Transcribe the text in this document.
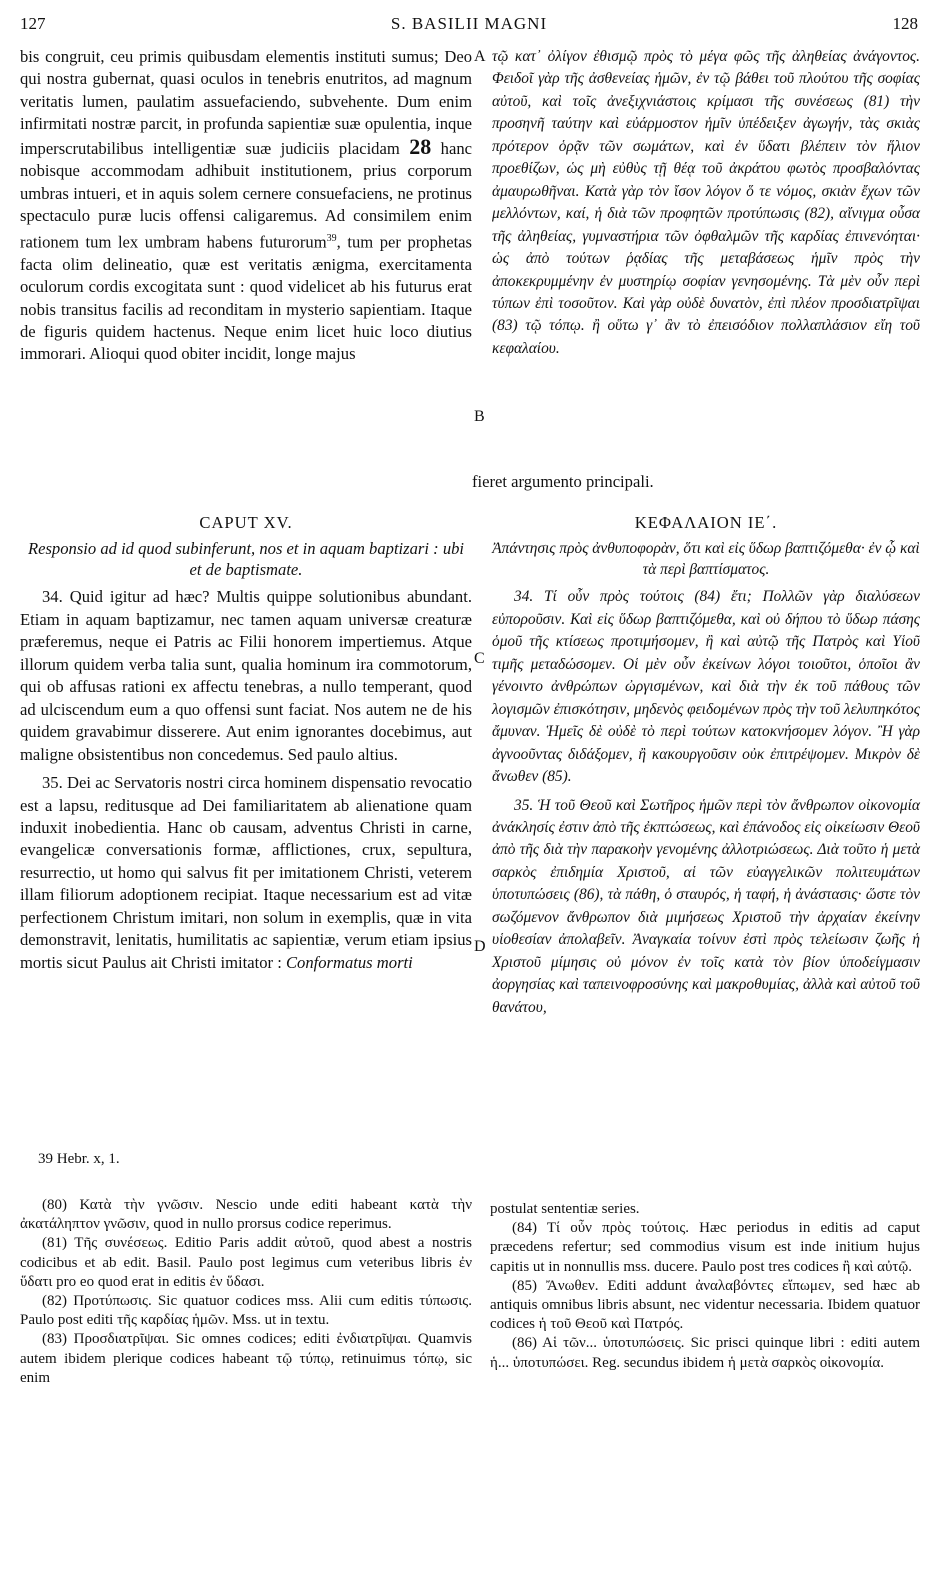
127	S. BASILII MAGNI	128

bis congruit, ceu primis quibusdam elementis instituti sumus; Deo qui nostra gubernat, quasi oculos in tenebris enutritos, ad magnum veritatis lumen, paulatim assuefaciendo, subvehente. Dum enim infirmitati nostræ parcit, in profunda sapientiæ suæ opulentia, inque imperscrutabilibus intelligentiæ suæ judiciis placidam 28 hanc nobisque accommodam adhibuit institutionem, prius corporum umbras intueri, et in aquis solem cernere consuefaciens, ne protinus spectaculo puræ lucis offensi caligaremus. Ad consimilem enim rationem tum lex umbram habens futurorum$^{39}$, tum per prophetas facta olim delineatio, quæ est veritatis ænigma, exercitamenta oculorum cordis excogitata sunt : quod videlicet ab his futurus erat nobis transitus facilis ad reconditam in mysterio sapientiam. Itaque de figuris quidem hactenus. Neque enim licet huic loco diutius immorari. Alioqui quod obiter incidit, longe majus

τῷ κατ᾿ ὀλίγον ἐθισμῷ πρὸς τὸ μέγα φῶς τῆς ἀληθείας ἀνάγοντος. Φειδοῖ γὰρ τῆς ἀσθενείας ἡμῶν, ἐν τῷ βάθει τοῦ πλούτου τῆς σοφίας αὐτοῦ, καὶ τοῖς ἀνεξιχνιάστοις κρίμασι τῆς συνέσεως (81) τὴν προσηνῆ ταύτην καὶ εὐάρμοστον ἡμῖν ὑπέδειξεν ἀγωγήν, τὰς σκιὰς πρότερον ὁρᾷν τῶν σωμάτων, καὶ ἐν ὕδατι βλέπειν τὸν ἥλιον προεθίζων, ὡς μὴ εὐθὺς τῇ θέᾳ τοῦ ἀκράτου φωτὸς προσβαλόντας ἀμαυρωθῆναι. Κατὰ γὰρ τὸν ἴσον λόγον ὅ τε νόμος, σκιὰν ἔχων τῶν μελλόντων, καί, ἡ διὰ τῶν προφητῶν προτύπωσις (82), αἴνιγμα οὖσα τῆς ἀληθείας, γυμναστήρια τῶν ὀφθαλμῶν τῆς καρδίας ἐπινενόηται· ὡς ἀπὸ τούτων ῥᾳδίας τῆς μεταβάσεως ἡμῖν πρὸς τὴν ἀποκεκρυμμένην ἐν μυστηρίῳ σοφίαν γενησομένης. Τὰ μὲν οὖν περὶ τύπων ἐπὶ τοσοῦτον. Καὶ γὰρ οὐδὲ δυνατὸν, ἐπὶ πλέον προσδιατρῖψαι (83) τῷ τόπῳ. ἢ οὕτω γ᾿ ἂν τὸ ἐπεισόδιον πολλαπλάσιον εἴη τοῦ κεφαλαίου.

A
B
C
D
fieret argumento principali.

CAPUT XV.

Responsio ad id quod subinferunt, nos et in aquam baptizari : ubi et de baptismate.

34. Quid igitur ad hæc? Multis quippe solutionibus abundant. Etiam in aquam baptizamur, nec tamen aquam universæ creaturæ præferemus, neque ei Patris ac Filii honorem impertiemus. Atque illorum quidem verba talia sunt, qualia hominum ira commotorum, qui ob affusas rationi ex affectu tenebras, a nullo temperant, quod ad ulciscendum eum a quo offensi sunt faciat. Nos autem ne de his quidem gravabimur disserere. Aut enim ignorantes docebimus, aut maligne obsistentibus non concedemus. Sed paulo altius.

35. Dei ac Servatoris nostri circa hominem dispensatio revocatio est a lapsu, reditusque ad Dei familiaritatem ab alienatione quam induxit inobedientia. Hanc ob causam, adventus Christi in carne, evangelicæ conversationis formæ, afflictiones, crux, sepultura, resurrectio, ut homo qui salvus fit per imitationem Christi, veterem illam filiorum adoptionem recipiat. Itaque necessarium est ad vitæ perfectionem Christum imitari, non solum in exemplis, quæ in vita demonstravit, lenitatis, humilitatis ac sapientiæ, verum etiam ipsius mortis sicut Paulus ait Christi imitator : Conformatus morti

ΚΕΦΑΛΑΙΟΝ ΙΕ΄.

Ἀπάντησις πρὸς ἀνθυποφορὰν, ὅτι καὶ εἰς ὕδωρ βαπτιζόμεθα· ἐν ᾧ καὶ τὰ περὶ βαπτίσματος.

34. Τί οὖν πρὸς τούτοις (84) ἔτι; Πολλῶν γὰρ διαλύσεων εὐποροῦσιν. Καὶ εἰς ὕδωρ βαπτιζόμεθα, καὶ οὐ δήπου τὸ ὕδωρ πάσης ὁμοῦ τῆς κτίσεως προτιμήσομεν, ἢ καὶ αὐτῷ τῆς Πατρὸς καὶ Υἱοῦ τιμῆς μεταδώσομεν. Οἱ μὲν οὖν ἐκείνων λόγοι τοιοῦτοι, ὁποῖοι ἂν γένοιντο ἀνθρώπων ὠργισμένων, καὶ διὰ τὴν ἐκ τοῦ πάθους τῶν λογισμῶν ἐπισκότησιν, μηδενὸς φειδομένων πρὸς τὴν τοῦ λελυπηκότος ἄμυναν. Ἡμεῖς δὲ οὐδὲ τὸ περὶ τούτων κατοκνήσομεν λόγον. Ἢ γὰρ ἀγνοοῦντας διδάξομεν, ἢ κακουργοῦσιν οὐκ ἐπιτρέψομεν. Μικρὸν δὲ ἄνωθεν (85).

35. Ἡ τοῦ Θεοῦ καὶ Σωτῆρος ἡμῶν περὶ τὸν ἄνθρωπον οἰκονομία ἀνάκλησίς ἐστιν ἀπὸ τῆς ἐκπτώσεως, καὶ ἐπάνοδος εἰς οἰκείωσιν Θεοῦ ἀπὸ τῆς διὰ τὴν παρακοὴν γενομένης ἀλλοτριώσεως. Διὰ τοῦτο ἡ μετὰ σαρκὸς ἐπιδημία Χριστοῦ, αἱ τῶν εὐαγγελικῶν πολιτευμάτων ὑποτυπώσεις (86), τὰ πάθη, ὁ σταυρός, ἡ ταφή, ἡ ἀνάστασις· ὥστε τὸν σωζόμενον ἄνθρωπον διὰ μιμήσεως Χριστοῦ τὴν ἀρχαίαν ἐκείνην υἱοθεσίαν ἀπολαβεῖν. Ἀναγκαία τοίνυν ἐστὶ πρὸς τελείωσιν ζωῆς ἡ Χριστοῦ μίμησις οὐ μόνον ἐν τοῖς κατὰ τὸν βίον ὑποδείγμασιν ἀοργησίας καὶ ταπεινοφροσύνης καὶ μακροθυμίας, ἀλλὰ καὶ αὐτοῦ τοῦ θανάτου,

39 Hebr. x, 1.

(80) Κατὰ τὴν γνῶσιν. Nescio unde editi habeant κατὰ τὴν ἀκατάληπτον γνῶσιν, quod in nullo prorsus codice reperimus.

(81) Τῆς συνέσεως. Editio Paris addit αὐτοῦ, quod abest a nostris codicibus et ab edit. Basil. Paulo post legimus cum veteribus libris ἐν ὕδατι pro eo quod erat in editis ἐν ὕδασι.

(82) Προτύπωσις. Sic quatuor codices mss. Alii cum editis τύπωσις. Paulo post editi τῆς καρδίας ἡμῶν. Mss. ut in textu.

(83) Προσδιατρῖψαι. Sic omnes codices; editi ἐνδιατρῖψαι. Quamvis autem ibidem plerique codices habeant τῷ τύπῳ, retinuimus τόπῳ, sic enim

postulat sententiæ series.

(84) Τί οὖν πρὸς τούτοις. Hæc periodus in editis ad caput præcedens refertur; sed commodius visum est inde initium hujus capitis ut in nonnullis mss. ducere. Paulo post tres codices ἢ καὶ αὐτῷ.

(85) Ἄνωθεν. Editi addunt ἀναλαβόντες εἴπωμεν, sed hæc ab antiquis omnibus libris absunt, nec videntur necessaria. Ibidem quatuor codices ἡ τοῦ Θεοῦ καὶ Πατρός.

(86) Αἱ τῶν... ὑποτυπώσεις. Sic prisci quinque libri : editi autem ἡ... ὑποτυπώσει. Reg. secundus ibidem ἡ μετὰ σαρκὸς οἰκονομία.
